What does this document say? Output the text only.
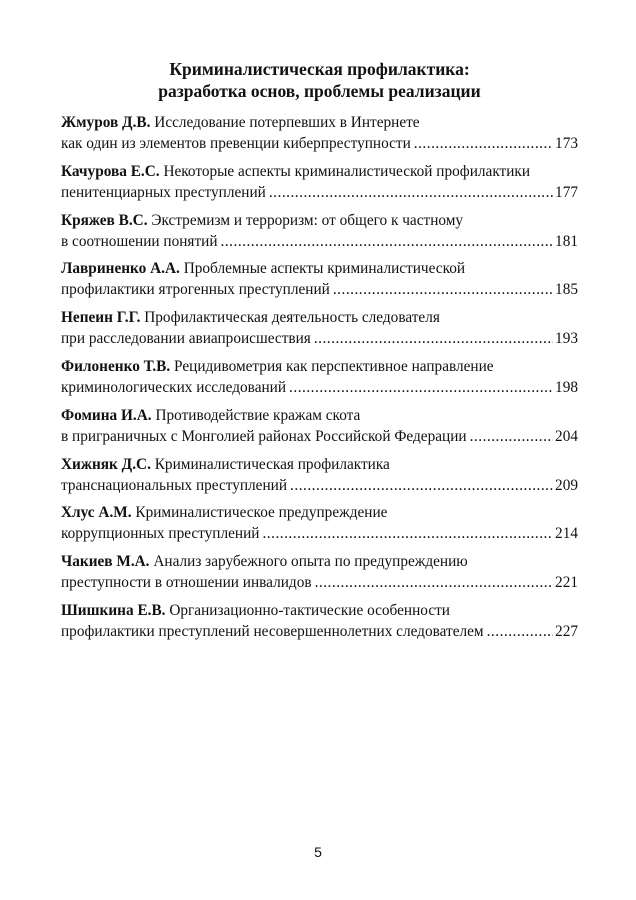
Криминалистическая профилактика:
разработка основ, проблемы реализации
Жмуров Д.В. Исследование потерпевших в Интернете
как один из элементов превенции киберпреступности .....	173
Качурова Е.С. Некоторые аспекты криминалистической профилактики
пенитенциарных преступлений .....	177
Кряжев В.С. Экстремизм и терроризм: от общего к частному
в соотношении понятий .....	181
Лавриненко А.А. Проблемные аспекты криминалистической
профилактики ятрогенных преступлений .....	185
Непеин Г.Г. Профилактическая деятельность следователя
при расследовании авиапроисшествия .....	193
Филоненко Т.В. Рецидивометрия как перспективное направление
криминологических исследований .....	198
Фомина И.А. Противодействие кражам скота
в приграничных с Монголией районах Российской Федерации .....	204
Хижняк Д.С. Криминалистическая профилактика
транснациональных преступлений .....	209
Хлус А.М. Криминалистическое предупреждение
коррупционных преступлений .....	214
Чакиев М.А. Анализ зарубежного опыта по предупреждению
преступности в отношении инвалидов .....	221
Шишкина Е.В. Организационно-тактические особенности
профилактики преступлений несовершеннолетних следователем .....	227
5
